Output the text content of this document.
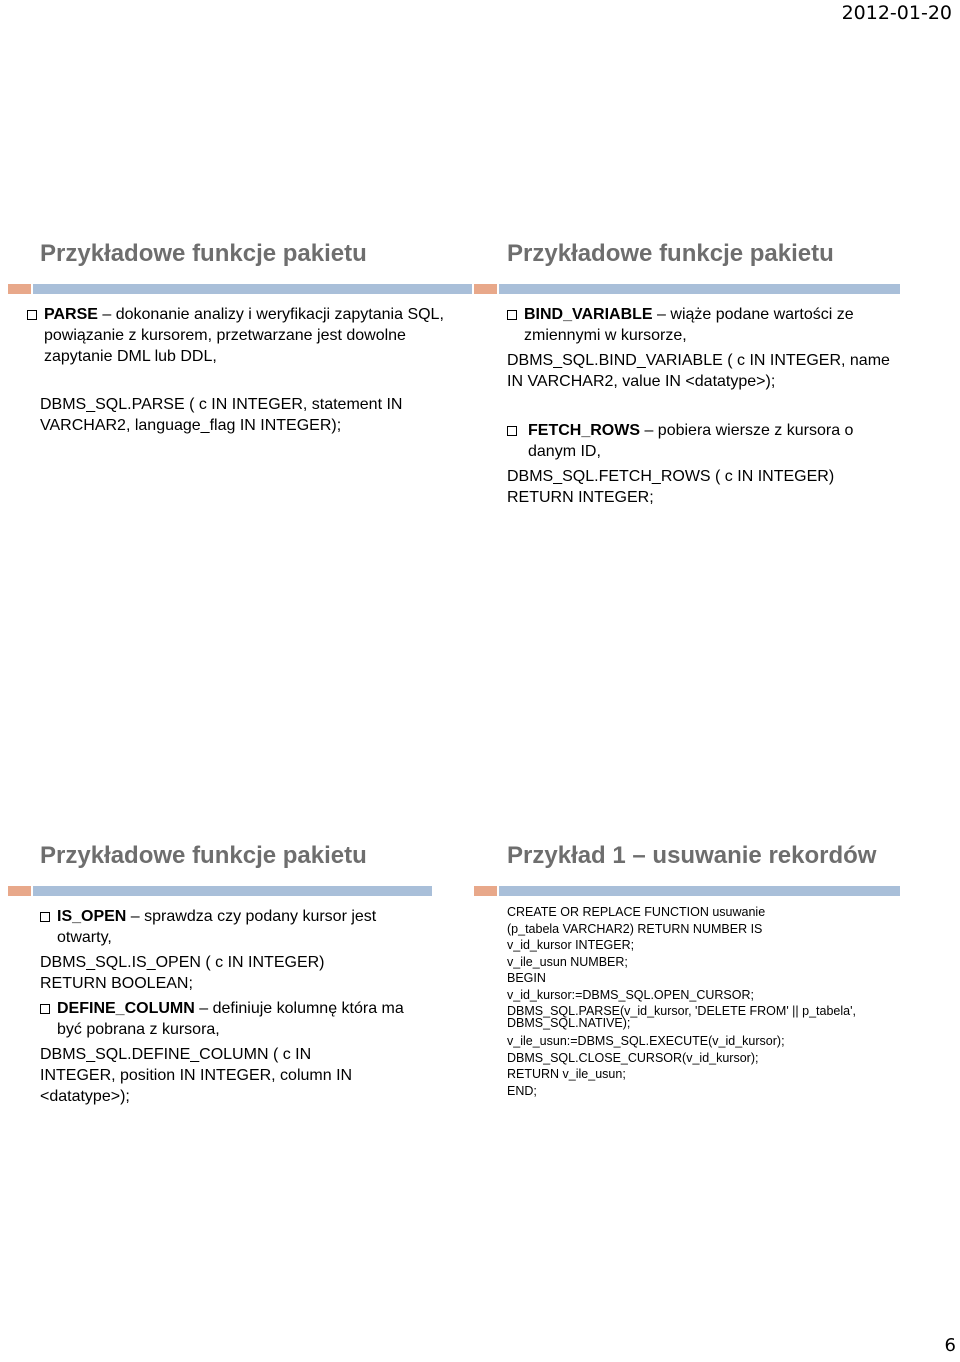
2012-01-20
Przykładowe funkcje pakietu
PARSE – dokonanie analizy i weryfikacji zapytania SQL, powiązanie z kursorem, przetwarzane jest dowolne zapytanie DML lub DDL,

DBMS_SQL.PARSE ( c IN INTEGER, statement IN VARCHAR2, language_flag IN INTEGER);

Przykładowe funkcje pakietu
BIND_VARIABLE – wiąże podane wartości ze zmiennymi w kursorze,

DBMS_SQL.BIND_VARIABLE ( c IN INTEGER, name IN VARCHAR2, value IN <datatype>);

FETCH_ROWS – pobiera wiersze z kursora o danym ID,

DBMS_SQL.FETCH_ROWS ( c IN INTEGER) RETURN INTEGER;

Przykładowe funkcje pakietu
IS_OPEN – sprawdza czy podany kursor jest otwarty,

DBMS_SQL.IS_OPEN ( c IN INTEGER) RETURN BOOLEAN;

DEFINE_COLUMN – definiuje kolumnę która ma być pobrana z kursora,

DBMS_SQL.DEFINE_COLUMN ( c IN INTEGER, position IN INTEGER, column IN <datatype>);

Przykład 1 – usuwanie rekordów

CREATE OR REPLACE FUNCTION usuwanie

(p_tabela VARCHAR2) RETURN NUMBER IS

v_id_kursor INTEGER;

v_ile_usun NUMBER;

BEGIN

v_id_kursor:=DBMS_SQL.OPEN_CURSOR;

DBMS_SQL.PARSE(v_id_kursor, 'DELETE FROM' || p_tabela', DBMS_SQL.NATIVE);

v_ile_usun:=DBMS_SQL.EXECUTE(v_id_kursor);

DBMS_SQL.CLOSE_CURSOR(v_id_kursor);

RETURN v_ile_usun;

END;

6
